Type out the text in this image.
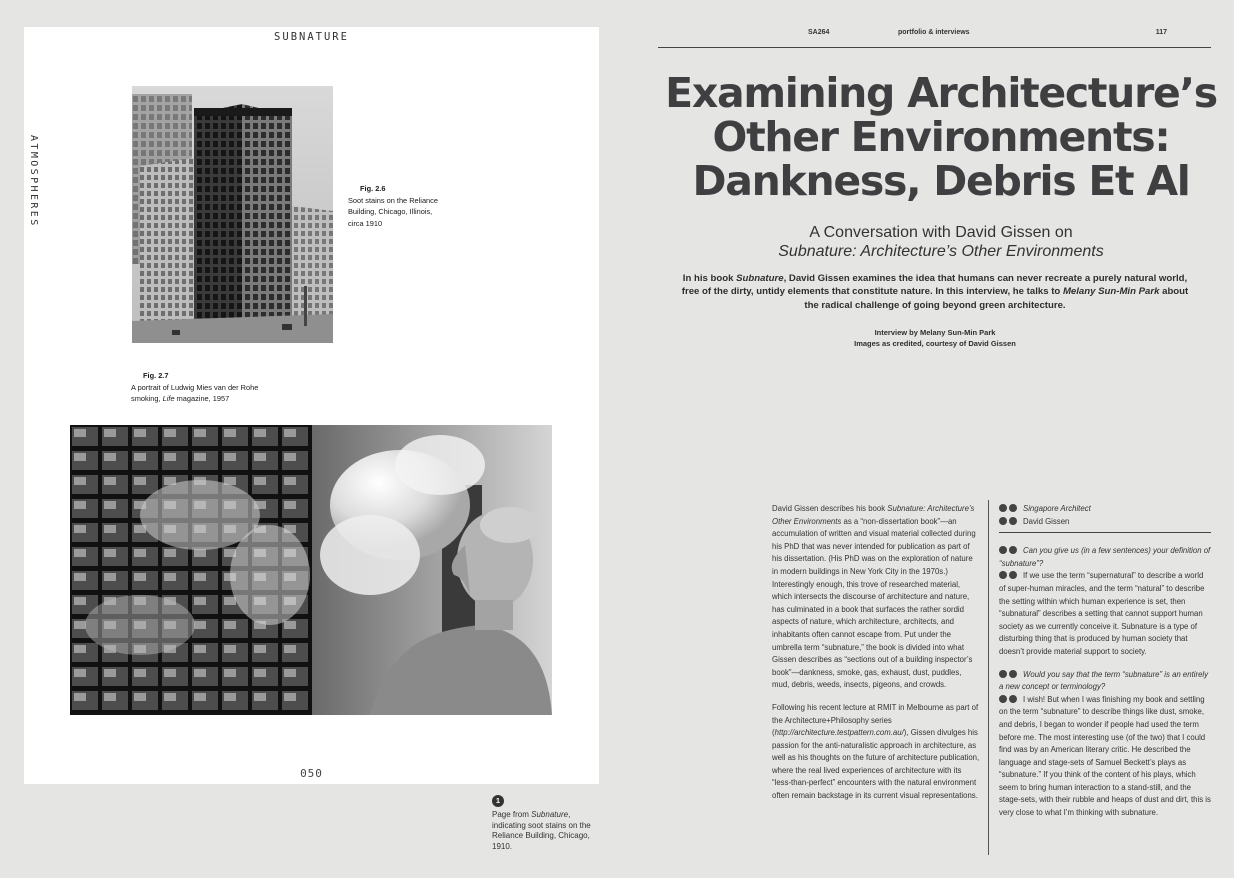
SUBNATURE
ATMOSPHERES	Fig. 2.6
Soot stains on the Reliance Building, Chicago, Illinois, circa 1910
Fig. 2.7
A portrait of Ludwig Mies van der Rohe smoking, Life magazine, 1957
050
1
Page from Subnature, indicating soot stains on the Reliance Building, Chicago, 1910.
SA264	portfolio & interviews	117
Examining Architecture’s
Other Environments:
Dankness, Debris Et Al
A Conversation with David Gissen on
Subnature: Architecture’s Other Environments
In his book Subnature, David Gissen examines the idea that humans can never recreate a purely natural world, free of the dirty, untidy elements that constitute nature. In this interview, he talks to Melany Sun-Min Park about the radical challenge of going beyond green architecture.
Interview by Melany Sun-Min Park
Images as credited, courtesy of David Gissen

David Gissen describes his book Subnature: Architecture’s Other Environments as a “non-dissertation book”—an accumulation of written and visual material collected during his PhD that was never intended for publication as part of his dissertation. (His PhD was on the exploration of nature in modern buildings in New York City in the 1970s.) Interestingly enough, this trove of researched material, which intersects the discourse of architecture and nature, has culminated in a book that surfaces the rather sordid aspects of nature, which architecture, architects, and inhabitants often cannot escape from. Put under the umbrella term “subnature,” the book is divided into what Gissen describes as “sections out of a building inspector’s book”—dankness, smoke, gas, exhaust, dust, puddles, mud, debris, weeds, insects, pigeons, and crowds.

Following his recent lecture at RMIT in Melbourne as part of the Architecture+Philosophy series (http://architecture.testpattern.com.au/), Gissen divulges his passion for the anti-naturalistic approach in architecture, as well as his thoughts on the future of architecture publication, where the real lived experiences of architecture with its “less-than-perfect” encounters with the natural environment often remain backstage in its current visual representations.

Singapore Architect
David Gissen
Can you give us (in a few sentences) your definition of “subnature”?
If we use the term “supernatural” to describe a world of super-human miracles, and the term “natural” to describe the setting within which human experience is set, then “subnatural” describes a setting that cannot support human society as we currently conceive it. Subnature is a type of disturbing thing that is produced by human society that doesn’t provide material support to society.
Would you say that the term “subnature” is an entirely a new concept or terminology?
I wish! But when I was finishing my book and settling on the term “subnature” to describe things like dust, smoke, and debris, I began to wonder if people had used the term before me. The most interesting use (of the two) that I could find was by an American literary critic. He described the language and stage-sets of Samuel Beckett’s plays as “subnature.” If you think of the content of his plays, which seem to bring human interaction to a stand-still, and the stage-sets, with their rubble and heaps of dust and dirt, this is very close to what I’m thinking with subnature.
